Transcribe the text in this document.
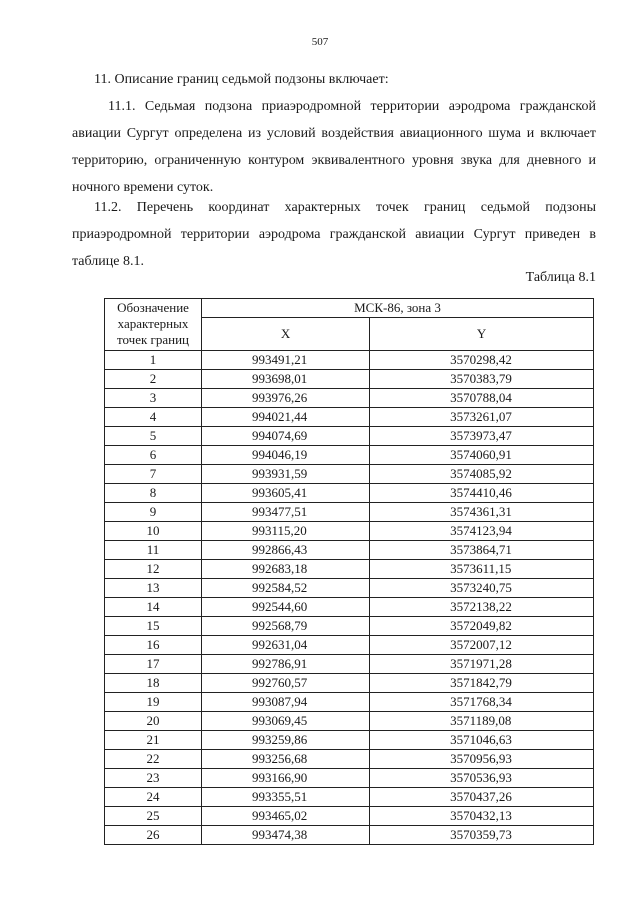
507
11. Описание границ седьмой подзоны включает:
11.1. Седьмая подзона приаэродромной территории аэродрома гражданской авиации Сургут определена из условий воздействия авиационного шума и включает территорию, ограниченную контуром эквивалентного уровня звука для дневного и ночного времени суток.
11.2. Перечень координат характерных точек границ седьмой подзоны приаэродромной территории аэродрома гражданской авиации Сургут приведен в таблице 8.1.
Таблица 8.1
Обозначение характерных точек границ	МСК-86, зона 3	
	X	Y
1	993491,21	3570298,42
2	993698,01	3570383,79
3	993976,26	3570788,04
4	994021,44	3573261,07
5	994074,69	3573973,47
6	994046,19	3574060,91
7	993931,59	3574085,92
8	993605,41	3574410,46
9	993477,51	3574361,31
10	993115,20	3574123,94
11	992866,43	3573864,71
12	992683,18	3573611,15
13	992584,52	3573240,75
14	992544,60	3572138,22
15	992568,79	3572049,82
16	992631,04	3572007,12
17	992786,91	3571971,28
18	992760,57	3571842,79
19	993087,94	3571768,34
20	993069,45	3571189,08
21	993259,86	3571046,63
22	993256,68	3570956,93
23	993166,90	3570536,93
24	993355,51	3570437,26
25	993465,02	3570432,13
26	993474,38	3570359,73
